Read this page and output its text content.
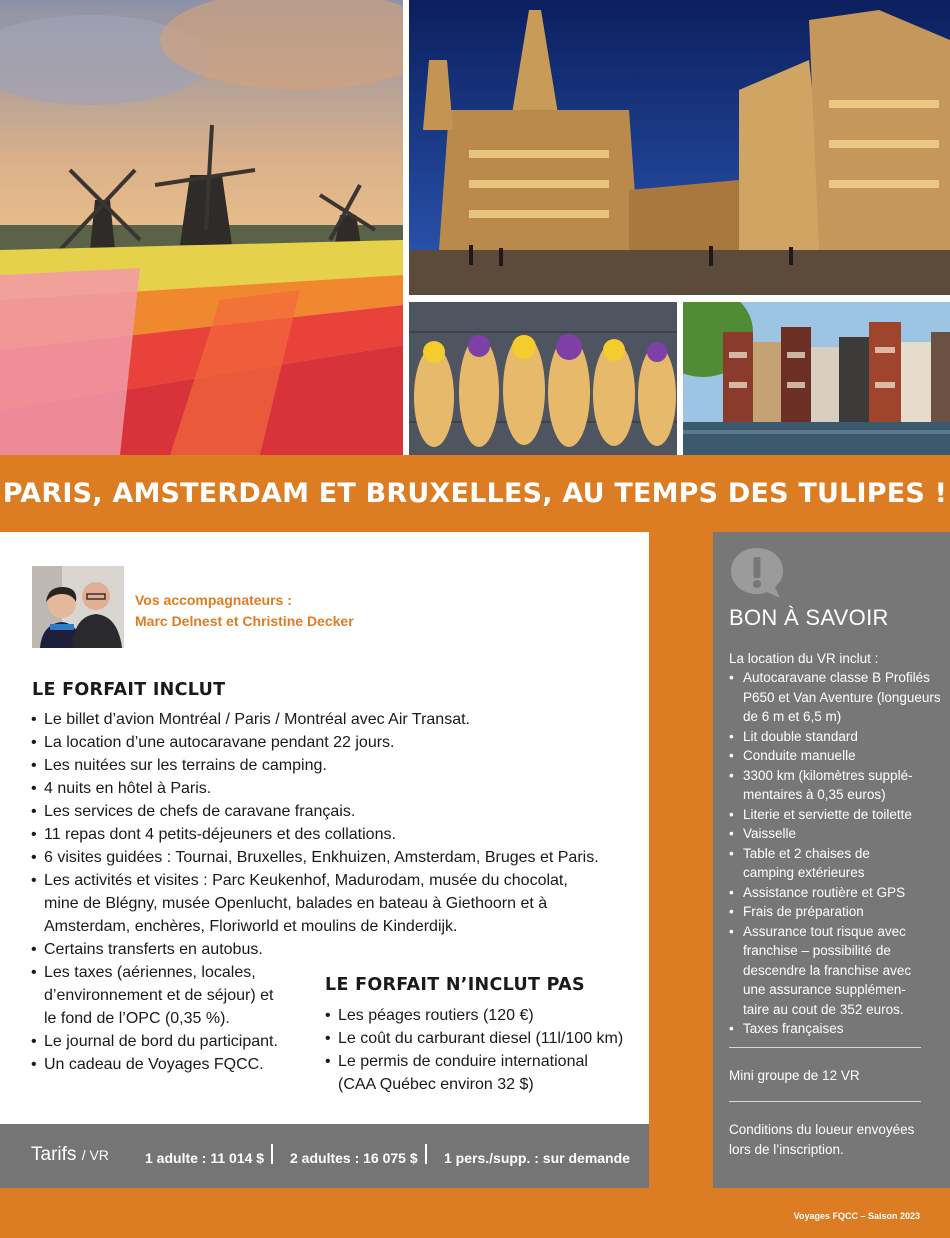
PARIS, AMSTERDAM ET BRUXELLES, AU TEMPS DES TULIPES !
Vos accompagnateurs :
Marc Delnest et Christine Decker
LE FORFAIT INCLUT
• Le billet d’avion Montréal / Paris / Montréal avec Air Transat.
• La location d’une autocaravane pendant 22 jours.
• Les nuitées sur les terrains de camping.
• 4 nuits en hôtel à Paris.
• Les services de chefs de caravane français.
• 11 repas dont 4 petits-déjeuners et des collations.
• 6 visites guidées : Tournai, Bruxelles, Enkhuizen, Amsterdam, Bruges et Paris.
• Les activités et visites : Parc Keukenhof, Madurodam, musée du chocolat, mine de Blégny, musée Openlucht, balades en bateau à Giethoorn et à Amsterdam, enchères, Floriworld et moulins de Kinderdijk.
• Certains transferts en autobus.
• Les taxes (aériennes, locales, d’environnement et de séjour) et le fond de l’OPC (0,35 %).
• Le journal de bord du participant.
• Un cadeau de Voyages FQCC.
LE FORFAIT N’INCLUT PAS
• Les péages routiers (120 €)
• Le coût du carburant diesel (11l/100 km)
• Le permis de conduire international (CAA Québec environ 32 $)
Tarifs / VR	1 adulte : 11 014 $ 2 adultes : 16 075 $ 1 pers./supp. : sur demande
BON À SAVOIR
La location du VR inclut :
• Autocaravane classe B Profilés P650 et Van Aventure (longueurs de 6 m et 6,5 m)
• Lit double standard
• Conduite manuelle
• 3300 km (kilomètres supplé- mentaires à 0,35 euros)
• Literie et serviette de toilette
• Vaisselle
• Table et 2 chaises de camping extérieures
• Assistance routière et GPS
• Frais de préparation
• Assurance tout risque avec franchise – possibilité de descendre la franchise avec une assurance supplémen- taire au cout de 352 euros.
• Taxes françaises
Mini groupe de 12 VR
Conditions du loueur envoyées lors de l’inscription.
Voyages FQCC – Saison 2023
